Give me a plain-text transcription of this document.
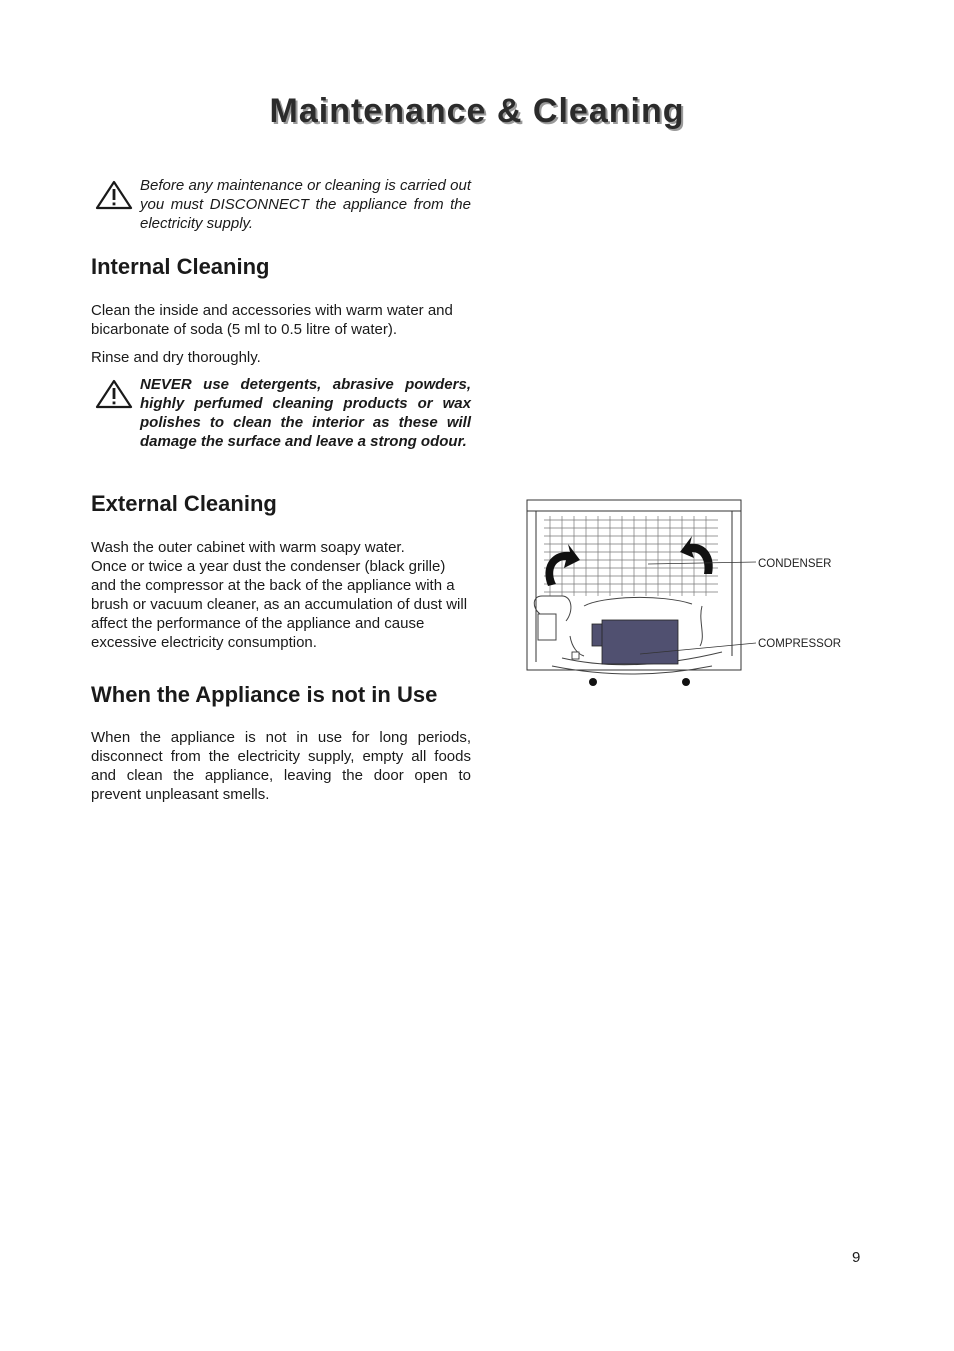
Maintenance & Cleaning

Before any maintenance or cleaning is carried out you must DISCONNECT the appliance from the electricity supply.

Internal Cleaning

Clean the inside and accessories with warm water and bicarbonate of soda (5 ml to 0.5 litre of water).

Rinse and dry thoroughly.

NEVER use detergents, abrasive powders, highly perfumed cleaning products or wax polishes to clean the interior as these will damage the surface and leave a strong odour.

External Cleaning
Wash the outer cabinet with warm soapy water.
Once or twice a year dust the condenser (black grille) and the compressor at the back of the appliance with a brush or vacuum cleaner, as an accumulation of dust will affect the performance of the appliance and cause excessive electricity consumption.
When the Appliance is not in Use

When the appliance is not in use for long periods, disconnect from the electricity supply, empty all foods and clean the appliance, leaving the door open to prevent unpleasant smells.

CONDENSER
COMPRESSOR
9
